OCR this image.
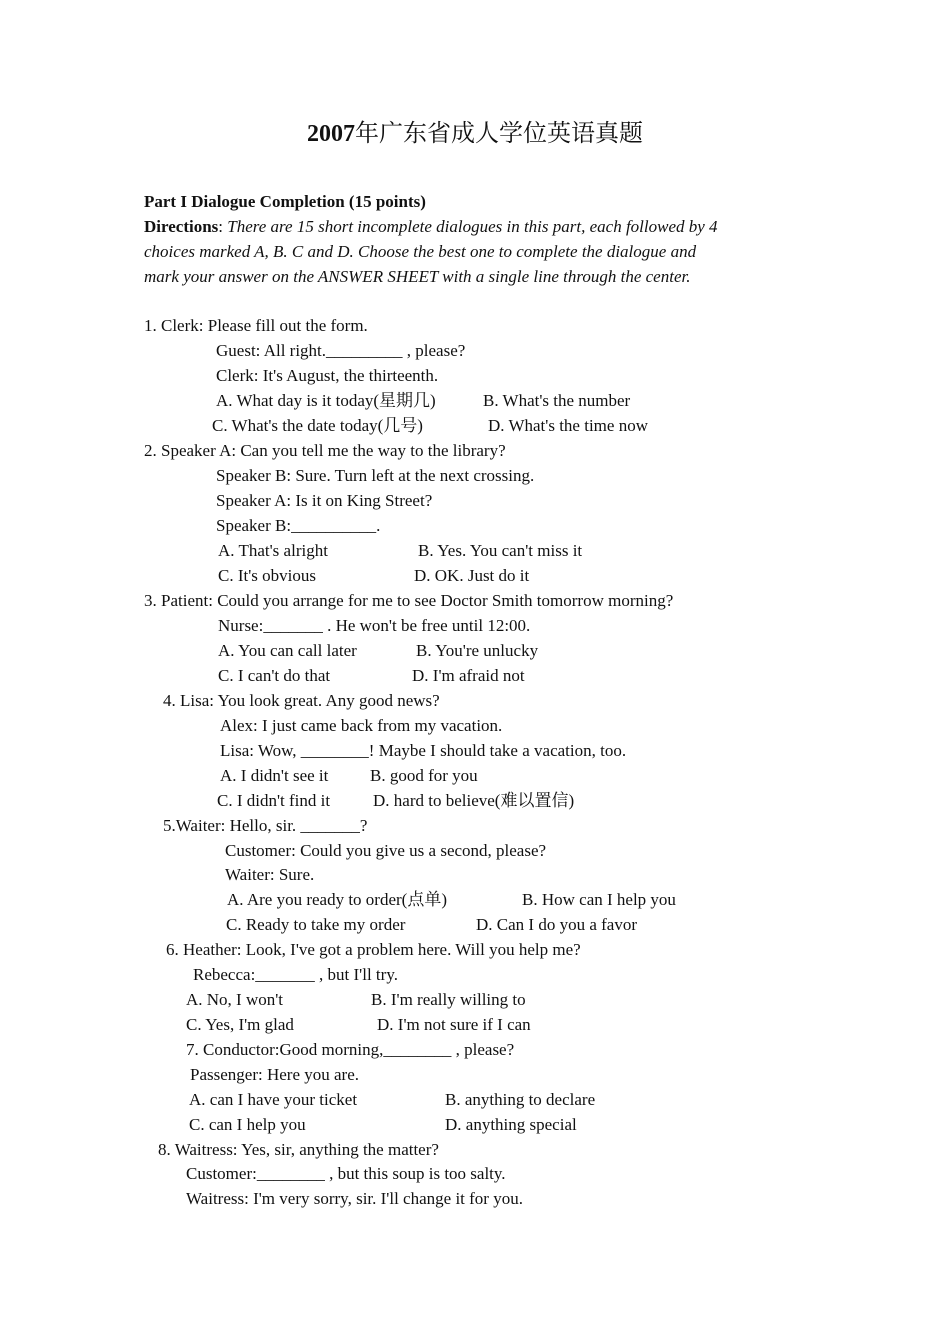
2007年广东省成人学位英语真题
Part I Dialogue Completion (15 points)
Directions: There are 15 short incomplete dialogues in this part, each followed by 4
choices marked A, B. C and D. Choose the best one to complete the dialogue and
mark your answer on the ANSWER SHEET with a single line through the center.
1. Clerk: Please fill out the form.
Guest: All right._________ , please?
Clerk: It's August, the thirteenth.
A. What day is it today(星期几)	B. What's the number
C. What's the date today(几号)	D. What's the time now
2. Speaker A: Can you tell me the way to the library?
Speaker B: Sure. Turn left at the next crossing.
Speaker A: Is it on King Street?
Speaker B:__________.
A. That's alright	B. Yes. You can't miss it
C. It's obvious	D. OK. Just do it
3. Patient: Could you arrange for me to see Doctor Smith tomorrow morning?
Nurse:_______ . He won't be free until 12:00.
A. You can call later	B. You're unlucky
C. I can't do that	D. I'm afraid not
4. Lisa: You look great. Any good news?
Alex: I just came back from my vacation.
Lisa: Wow, ________! Maybe I should take a vacation, too.
A. I didn't see it B. good for you
C. I didn't find it	D. hard to believe(难以置信)
5.Waiter: Hello, sir. _______?
Customer: Could you give us a second, please?
Waiter: Sure.
A. Are you ready to order(点单)	B. How can I help you
C. Ready to take my order	D. Can I do you a favor
6. Heather: Look, I've got a problem here. Will you help me?
Rebecca:_______ , but I'll try.
A. No, I won't	B. I'm really willing to
C. Yes, I'm glad	D. I'm not sure if I can
7. Conductor:Good morning,________ , please?
Passenger: Here you are.
A. can I have your ticket	B. anything to declare
C. can I help you	D. anything special
8. Waitress: Yes, sir, anything the matter?
Customer:________ , but this soup is too salty.
Waitress: I'm very sorry, sir. I'll change it for you.
